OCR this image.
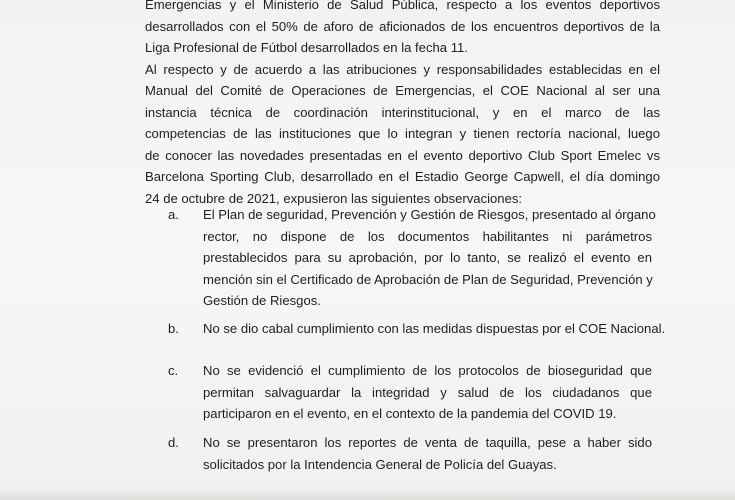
Emergencias y el Ministerio de Salud Pública, respecto a los eventos deportivos
desarrollados con el 50% de aforo de aficionados de los encuentros deportivos de la
Liga Profesional de Fútbol desarrollados en la fecha 11.
Al respecto y de acuerdo a las atribuciones y responsabilidades establecidas en el
Manual del Comité de Operaciones de Emergencias, el COE Nacional al ser una
instancia técnica de coordinación interinstitucional, y en el marco de las
competencias de las instituciones que lo integran y tienen rectoría nacional, luego
de conocer las novedades presentadas en el evento deportivo Club Sport Emelec vs
Barcelona Sporting Club, desarrollado en el Estadio George Capwell, el día domingo
24 de octubre de 2021, expusieron las siguientes observaciones:
a. El Plan de seguridad, Prevención y Gestión de Riesgos, presentado al órgano
rector, no dispone de los documentos habilitantes ni parámetros
prestablecidos para su aprobación, por lo tanto, se realizó el evento en
mención sin el Certificado de Aprobación de Plan de Seguridad, Prevención y
Gestión de Riesgos.
b. No se dio cabal cumplimiento con las medidas dispuestas por el COE Nacional.
c. No se evidenció el cumplimiento de los protocolos de bioseguridad que
permitan salvaguardar la integridad y salud de los ciudadanos que
participaron en el evento, en el contexto de la pandemia del COVID 19.
d. No se presentaron los reportes de venta de taquilla, pese a haber sido
solicitados por la Intendencia General de Policía del Guayas.
